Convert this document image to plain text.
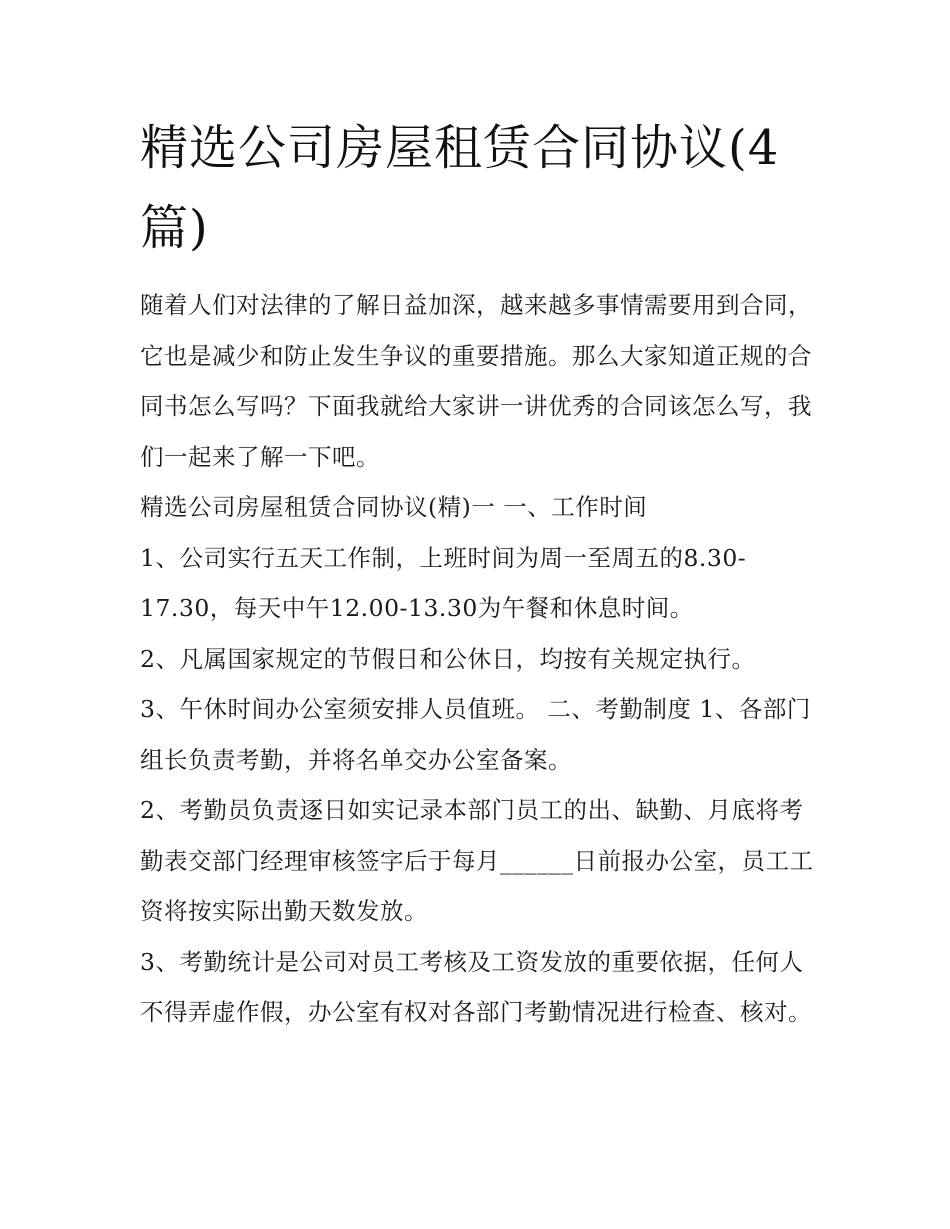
精选公司房屋租赁合同协议(4篇)

随着人们对法律的了解日益加深，越来越多事情需要用到合同，它也是减少和防止发生争议的重要措施。那么大家知道正规的合同书怎么写吗？下面我就给大家讲一讲优秀的合同该怎么写，我们一起来了解一下吧。

精选公司房屋租赁合同协议(精)一 一、工作时间

1、公司实行五天工作制，上班时间为周一至周五的8.30-17.30，每天中午12.00-13.30为午餐和休息时间。

2、凡属国家规定的节假日和公休日，均按有关规定执行。

3、午休时间办公室须安排人员值班。 二、考勤制度 1、各部门组长负责考勤，并将名单交办公室备案。

2、考勤员负责逐日如实记录本部门员工的出、缺勤、月底将考勤表交部门经理审核签字后于每月______日前报办公室，员工工资将按实际出勤天数发放。

3、考勤统计是公司对员工考核及工资发放的重要依据，任何人不得弄虚作假，办公室有权对各部门考勤情况进行检查、核对。
